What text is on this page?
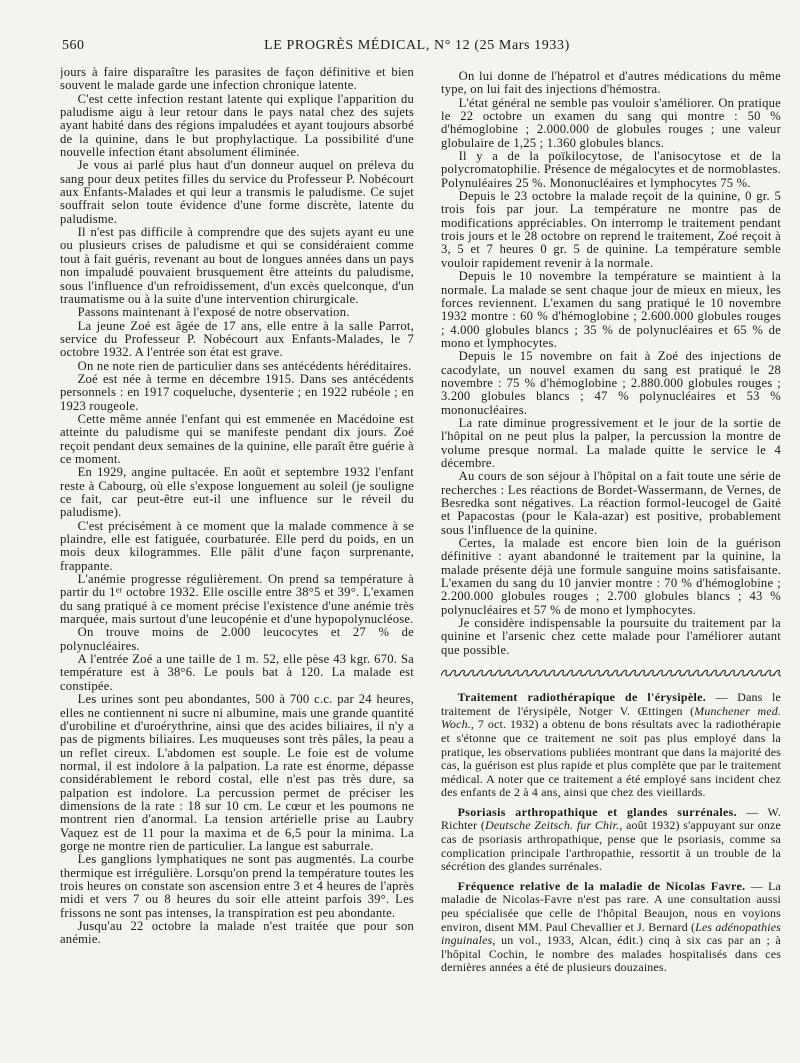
560	LE PROGRÈS MÉDICAL, N° 12 (25 Mars 1933)

jours à faire disparaître les parasites de façon définitive et bien souvent le malade garde une infection chronique latente.

C'est cette infection restant latente qui explique l'apparition du paludisme aigu à leur retour dans le pays natal chez des sujets ayant habité dans des régions impaludées et ayant toujours absorbé de la quinine, dans le but prophylactique. La possibilité d'une nouvelle infection étant absolument éliminée.

Je vous ai parlé plus haut d'un donneur auquel on préleva du sang pour deux petites filles du service du Professeur P. Nobécourt aux Enfants-Malades et qui leur a transmis le paludisme. Ce sujet souffrait selon toute évidence d'une forme discrète, latente du paludisme.

Il n'est pas difficile à comprendre que des sujets ayant eu une ou plusieurs crises de paludisme et qui se considéraient comme tout à fait guéris, revenant au bout de longues années dans un pays non impaludé pouvaient brusquement être atteints du paludisme, sous l'influence d'un refroidissement, d'un excès quelconque, d'un traumatisme ou à la suite d'une intervention chirurgicale.

Passons maintenant à l'exposé de notre observation.

La jeune Zoé est âgée de 17 ans, elle entre à la salle Parrot, service du Professeur P. Nobécourt aux Enfants-Malades, le 7 octobre 1932. A l'entrée son état est grave.

On ne note rien de particulier dans ses antécédents héréditaires.

Zoé est née à terme en décembre 1915. Dans ses antécédents personnels : en 1917 coqueluche, dysenterie ; en 1922 rubéole ; en 1923 rougeole.

Cette même année l'enfant qui est emmenée en Macédoine est atteinte du paludisme qui se manifeste pendant dix jours. Zoé reçoit pendant deux semaines de la quinine, elle paraît être guérie à ce moment.

En 1929, angine pultacée. En août et septembre 1932 l'enfant reste à Cabourg, où elle s'expose longuement au soleil (je souligne ce fait, car peut-être eut-il une influence sur le réveil du paludisme).

C'est précisément à ce moment que la malade commence à se plaindre, elle est fatiguée, courbaturée. Elle perd du poids, en un mois deux kilogrammes. Elle pâlit d'une façon surprenante, frappante.

L'anémie progresse régulièrement. On prend sa température à partir du 1er octobre 1932. Elle oscille entre 38°5 et 39°. L'examen du sang pratiqué à ce moment précise l'existence d'une anémie très marquée, mais surtout d'une leucopénie et d'une hypopolynucléose.

On trouve moins de 2.000 leucocytes et 27 % de polynucléaires.

A l'entrée Zoé a une taille de 1 m. 52, elle pèse 43 kgr. 670. Sa température est à 38°6. Le pouls bat à 120. La malade est constipée.

Les urines sont peu abondantes, 500 à 700 c.c. par 24 heures, elles ne contiennent ni sucre ni albumine, mais une grande quantité d'urobiline et d'uroérythrine, ainsi que des acides biliaires, il n'y a pas de pigments biliaires. Les muqueuses sont très pâles, la peau a un reflet cireux. L'abdomen est souple. Le foie est de volume normal, il est indolore à la palpation. La rate est énorme, dépasse considérablement le rebord costal, elle n'est pas très dure, sa palpation est indolore. La percussion permet de préciser les dimensions de la rate : 18 sur 10 cm. Le cœur et les poumons ne montrent rien d'anormal. La tension artérielle prise au Laubry Vaquez est de 11 pour la maxima et de 6,5 pour la minima. La gorge ne montre rien de particulier. La langue est saburrale.

Les ganglions lymphatiques ne sont pas augmentés. La courbe thermique est irrégulière. Lorsqu'on prend la température toutes les trois heures on constate son ascension entre 3 et 4 heures de l'après midi et vers 7 ou 8 heures du soir elle atteint parfois 39°. Les frissons ne sont pas intenses, la transpiration est peu abondante.

Jusqu'au 22 octobre la malade n'est traitée que pour son anémie.

On lui donne de l'hépatrol et d'autres médications du même type, on lui fait des injections d'hémostra.

L'état général ne semble pas vouloir s'améliorer. On pratique le 22 octobre un examen du sang qui montre : 50 % d'hémoglobine ; 2.000.000 de globules rouges ; une valeur globulaire de 1,25 ; 1.360 globules blancs.

Il y a de la poïkilocytose, de l'anisocytose et de la polycromatophilie. Présence de mégalocytes et de normoblastes. Polynuléaires 25 %. Mononucléaires et lymphocytes 75 %.

Depuis le 23 octobre la malade reçoit de la quinine, 0 gr. 5 trois fois par jour. La température ne montre pas de modifications appréciables. On interromp le traitement pendant trois jours et le 28 octobre on reprend le traitement, Zoé reçoit à 3, 5 et 7 heures 0 gr. 5 de quinine. La température semble vouloir rapidement revenir à la normale.

Depuis le 10 novembre la température se maintient à la normale. La malade se sent chaque jour de mieux en mieux, les forces reviennent. L'examen du sang pratiqué le 10 novembre 1932 montre : 60 % d'hémoglobine ; 2.600.000 globules rouges ; 4.000 globules blancs ; 35 % de polynucléaires et 65 % de mono et lymphocytes.

Depuis le 15 novembre on fait à Zoé des injections de cacodylate, un nouvel examen du sang est pratiqué le 28 novembre : 75 % d'hémoglobine ; 2.880.000 globules rouges ; 3.200 globules blancs ; 47 % polynucléaires et 53 % mononucléaires.

La rate diminue progressivement et le jour de la sortie de l'hôpital on ne peut plus la palper, la percussion la montre de volume presque normal. La malade quitte le service le 4 décembre.

Au cours de son séjour à l'hôpital on a fait toute une série de recherches : Les réactions de Bordet-Wassermann, de Vernes, de Besredka sont négatives. La réaction formol-leucogel de Gaité et Papacostas (pour le Kala-azar) est positive, probablement sous l'influence de la quinine.

Certes, la malade est encore bien loin de la guérison définitive : ayant abandonné le traitement par la quinine, la malade présente déjà une formule sanguine moins satisfaisante. L'examen du sang du 10 janvier montre : 70 % d'hémoglobine ; 2.200.000 globules rouges ; 2.700 globules blancs ; 43 % polynucléaires et 57 % de mono et lymphocytes.

Je considère indispensable la poursuite du traitement par la quinine et l'arsenic chez cette malade pour l'améliorer autant que possible.

Traitement radiothérapique de l'érysipèle. — Dans le traitement de l'érysipèle, Notger V. Œttingen (Munchener med. Woch., 7 oct. 1932) a obtenu de bons résultats avec la radiothérapie et s'étonne que ce traitement ne soit pas plus employé dans la pratique, les observations publiées montrant que dans la majorité des cas, la guérison est plus rapide et plus complète que par le traitement médical. A noter que ce traitement a été employé sans incident chez des enfants de 2 à 4 ans, ainsi que chez des vieillards.

Psoriasis arthropathique et glandes surrénales. — W. Richter (Deutsche Zeitsch. fur Chir., août 1932) s'appuyant sur onze cas de psoriasis arthropathique, pense que le psoriasis, comme sa complication principale l'arthropathie, ressortit à un trouble de la sécrétion des glandes surrénales.

Fréquence relative de la maladie de Nicolas Favre. — La maladie de Nicolas-Favre n'est pas rare. A une consultation aussi peu spécialisée que celle de l'hôpital Beaujon, nous en voyions environ, disent MM. Paul Chevallier et J. Bernard (Les adénopathies inguinales, un vol., 1933, Alcan, édit.) cinq à six cas par an ; à l'hôpital Cochin, le nombre des malades hospitalisés dans ces dernières années a été de plusieurs douzaines.
